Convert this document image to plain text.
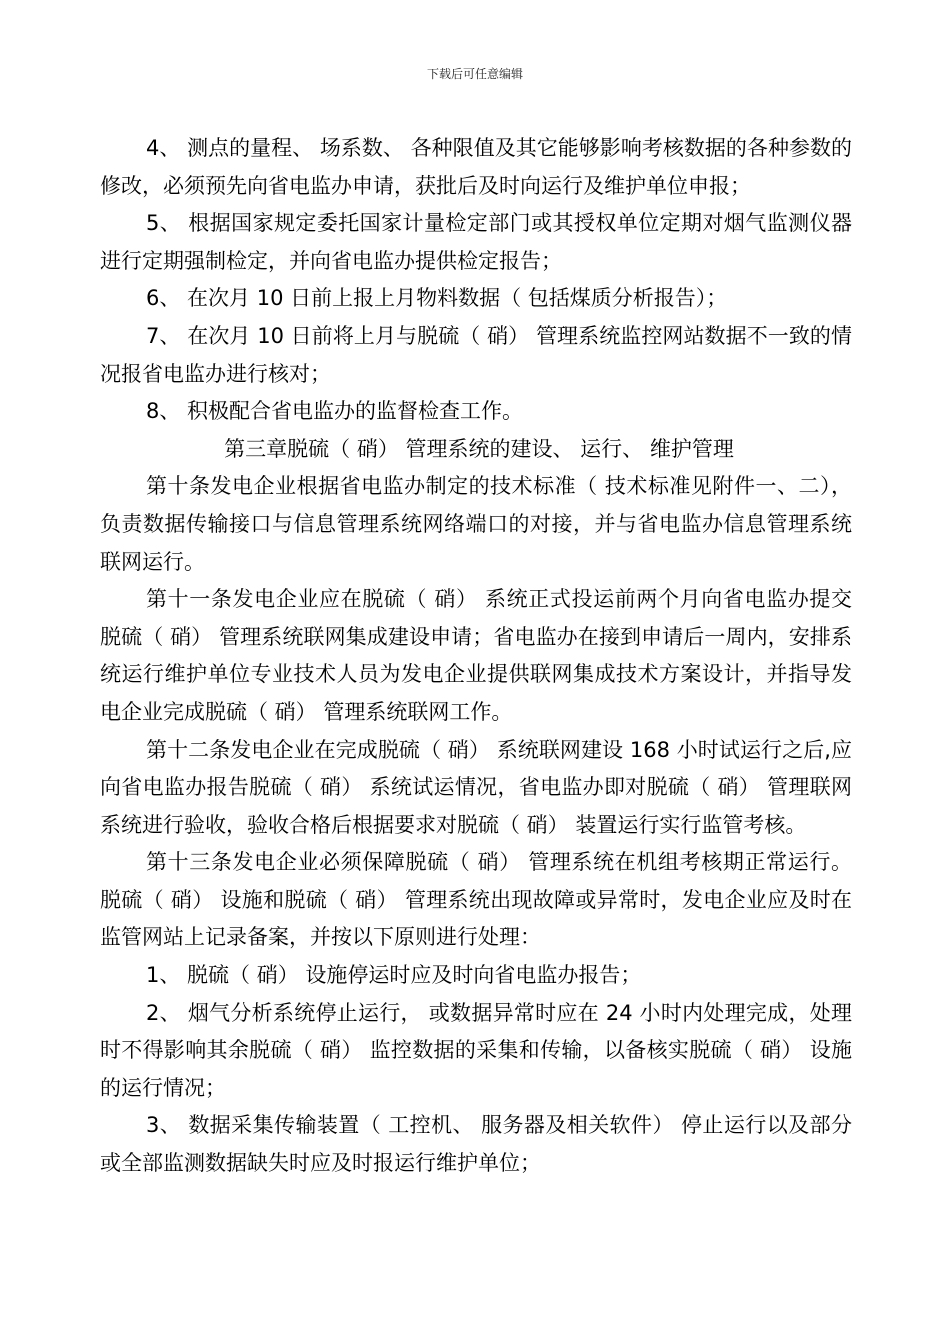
下载后可任意编辑

4、 测点的量程、 场系数、 各种限值及其它能够影响考核数据的各种参数的修改，必须预先向省电监办申请，获批后及时向运行及维护单位申报；

5、 根据国家规定委托国家计量检定部门或其授权单位定期对烟气监测仪器进行定期强制检定，并向省电监办提供检定报告；

6、 在次月 10 日前上报上月物料数据（ 包括煤质分析报告）；

7、 在次月 10 日前将上月与脱硫（ 硝） 管理系统监控网站数据不一致的情况报省电监办进行核对；

8、 积极配合省电监办的监督检查工作。

第三章脱硫（ 硝） 管理系统的建设、 运行、 维护管理

第十条发电企业根据省电监办制定的技术标准（ 技术标准见附件一、二），负责数据传输接口与信息管理系统网络端口的对接，并与省电监办信息管理系统联网运行。

第十一条发电企业应在脱硫（ 硝） 系统正式投运前两个月向省电监办提交脱硫（ 硝） 管理系统联网集成建设申请；省电监办在接到申请后一周内，安排系统运行维护单位专业技术人员为发电企业提供联网集成技术方案设计，并指导发电企业完成脱硫（ 硝） 管理系统联网工作。

第十二条发电企业在完成脱硫（ 硝） 系统联网建设 168 小时试运行之后,应向省电监办报告脱硫（ 硝） 系统试运情况，省电监办即对脱硫（ 硝） 管理联网系统进行验收，验收合格后根据要求对脱硫（ 硝） 装置运行实行监管考核。

第十三条发电企业必须保障脱硫（ 硝） 管理系统在机组考核期正常运行。脱硫（ 硝） 设施和脱硫（ 硝） 管理系统出现故障或异常时，发电企业应及时在监管网站上记录备案，并按以下原则进行处理：

1、 脱硫（ 硝） 设施停运时应及时向省电监办报告；

2、 烟气分析系统停止运行， 或数据异常时应在 24 小时内处理完成，处理时不得影响其余脱硫（ 硝） 监控数据的采集和传输，以备核实脱硫（ 硝） 设施的运行情况；

3、 数据采集传输装置（ 工控机、 服务器及相关软件） 停止运行以及部分或全部监测数据缺失时应及时报运行维护单位；
